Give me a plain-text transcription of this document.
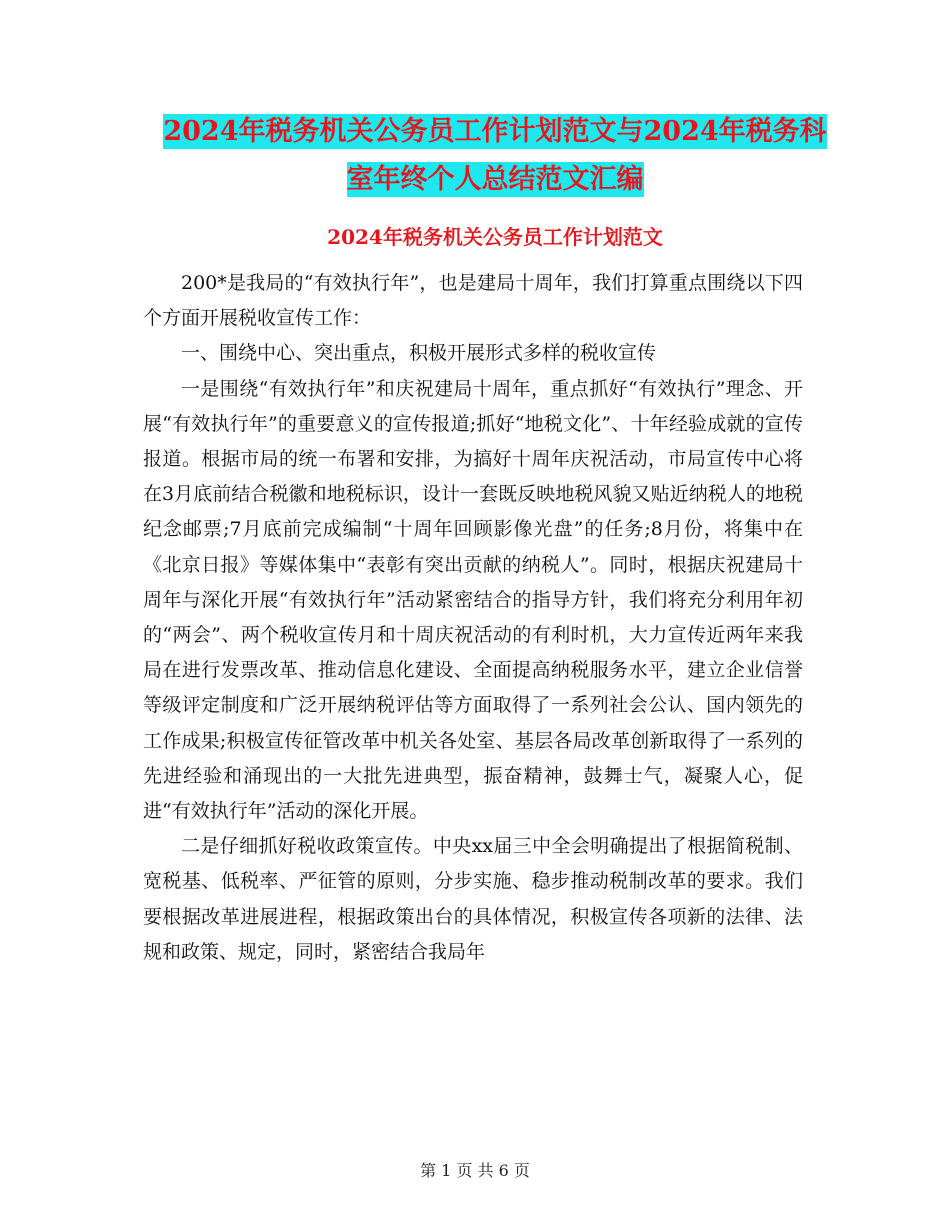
2024年税务机关公务员工作计划范文与2024年税务科
室年终个人总结范文汇编
2024年税务机关公务员工作计划范文

200*是我局的“有效执行年”，也是建局十周年，我们打算重点围绕以下四个方面开展税收宣传工作：

一、围绕中心、突出重点，积极开展形式多样的税收宣传

一是围绕“有效执行年”和庆祝建局十周年，重点抓好“有效执行”理念、开展“有效执行年”的重要意义的宣传报道;抓好“地税文化”、十年经验成就的宣传报道。根据市局的统一布署和安排，为搞好十周年庆祝活动，市局宣传中心将在3月底前结合税徽和地税标识，设计一套既反映地税风貌又贴近纳税人的地税纪念邮票;7月底前完成编制“十周年回顾影像光盘”的任务;8月份，将集中在《北京日报》等媒体集中“表彰有突出贡献的纳税人”。同时，根据庆祝建局十周年与深化开展“有效执行年”活动紧密结合的指导方针，我们将充分利用年初的“两会”、两个税收宣传月和十周庆祝活动的有利时机，大力宣传近两年来我局在进行发票改革、推动信息化建设、全面提高纳税服务水平，建立企业信誉等级评定制度和广泛开展纳税评估等方面取得了一系列社会公认、国内领先的工作成果;积极宣传征管改革中机关各处室、基层各局改革创新取得了一系列的先进经验和涌现出的一大批先进典型，振奋精神，鼓舞士气，凝聚人心，促进“有效执行年”活动的深化开展。

二是仔细抓好税收政策宣传。中央xx届三中全会明确提出了根据简税制、宽税基、低税率、严征管的原则，分步实施、稳步推动税制改革的要求。我们要根据改革进展进程，根据政策出台的具体情况，积极宣传各项新的法律、法规和政策、规定，同时，紧密结合我局年

第 1 页 共 6 页
